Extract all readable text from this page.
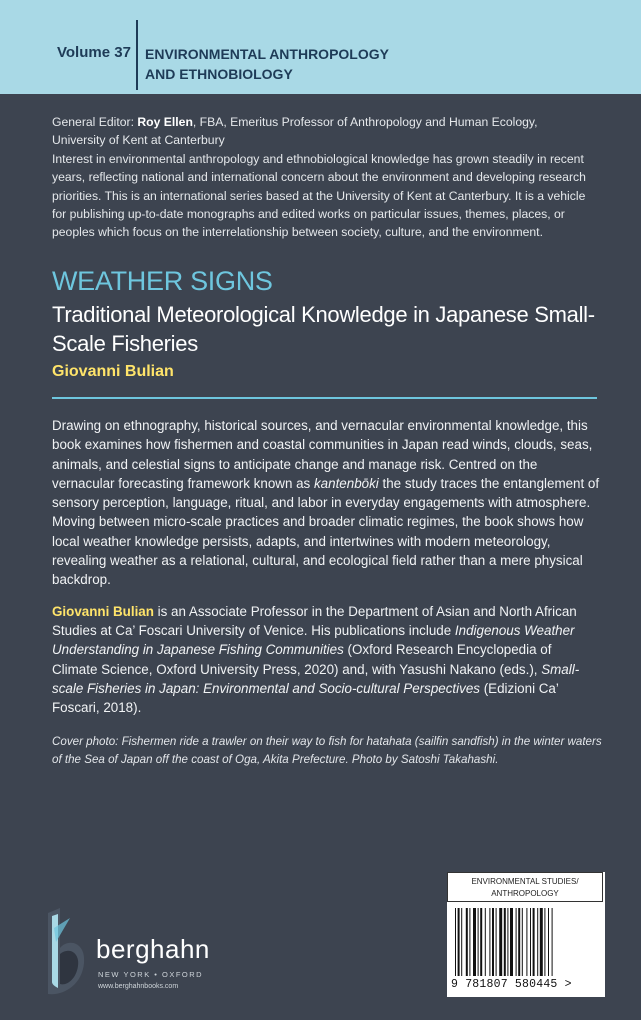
Volume 37 ENVIRONMENTAL ANTHROPOLOGY
AND ETHNOBIOLOGY

General Editor: Roy Ellen, FBA, Emeritus Professor of Anthropology and Human Ecology, University of Kent at Canterbury

Interest in environmental anthropology and ethnobiological knowledge has grown steadily in recent years, reflecting national and international concern about the environment and developing research priorities. This is an international series based at the University of Kent at Canterbury. It is a vehicle for publishing up-to-date monographs and edited works on particular issues, themes, places, or peoples which focus on the interrelationship between society, culture, and the environment.

WEATHER SIGNS
Traditional Meteorological Knowledge in Japanese Small-Scale Fisheries
Giovanni Bulian

Drawing on ethnography, historical sources, and vernacular environmental knowledge, this book examines how fishermen and coastal communities in Japan read winds, clouds, seas, animals, and celestial signs to anticipate change and manage risk. Centred on the vernacular forecasting framework known as kantenbōki the study traces the entanglement of sensory perception, language, ritual, and labor in everyday engagements with atmosphere. Moving between micro-scale practices and broader climatic regimes, the book shows how local weather knowledge persists, adapts, and intertwines with modern meteorology, revealing weather as a relational, cultural, and ecological field rather than a mere physical backdrop.

Giovanni Bulian is an Associate Professor in the Department of Asian and North African Studies at Ca’ Foscari University of Venice. His publications include Indigenous Weather Understanding in Japanese Fishing Communities (Oxford Research Encyclopedia of Climate Science, Oxford University Press, 2020) and, with Yasushi Nakano (eds.), Small-scale Fisheries in Japan: Environmental and Socio-cultural Perspectives (Edizioni Ca’ Foscari, 2018).

Cover photo: Fishermen ride a trawler on their way to fish for hatahata (sailfin sandfish) in the winter waters of the Sea of Japan off the coast of Oga, Akita Prefecture. Photo by Satoshi Takahashi.
berghahn
NEW YORK • OXFORD
www.berghahnbooks.com
ENVIRONMENTAL STUDIES/
ANTHROPOLOGY
9 781807 580445 >
